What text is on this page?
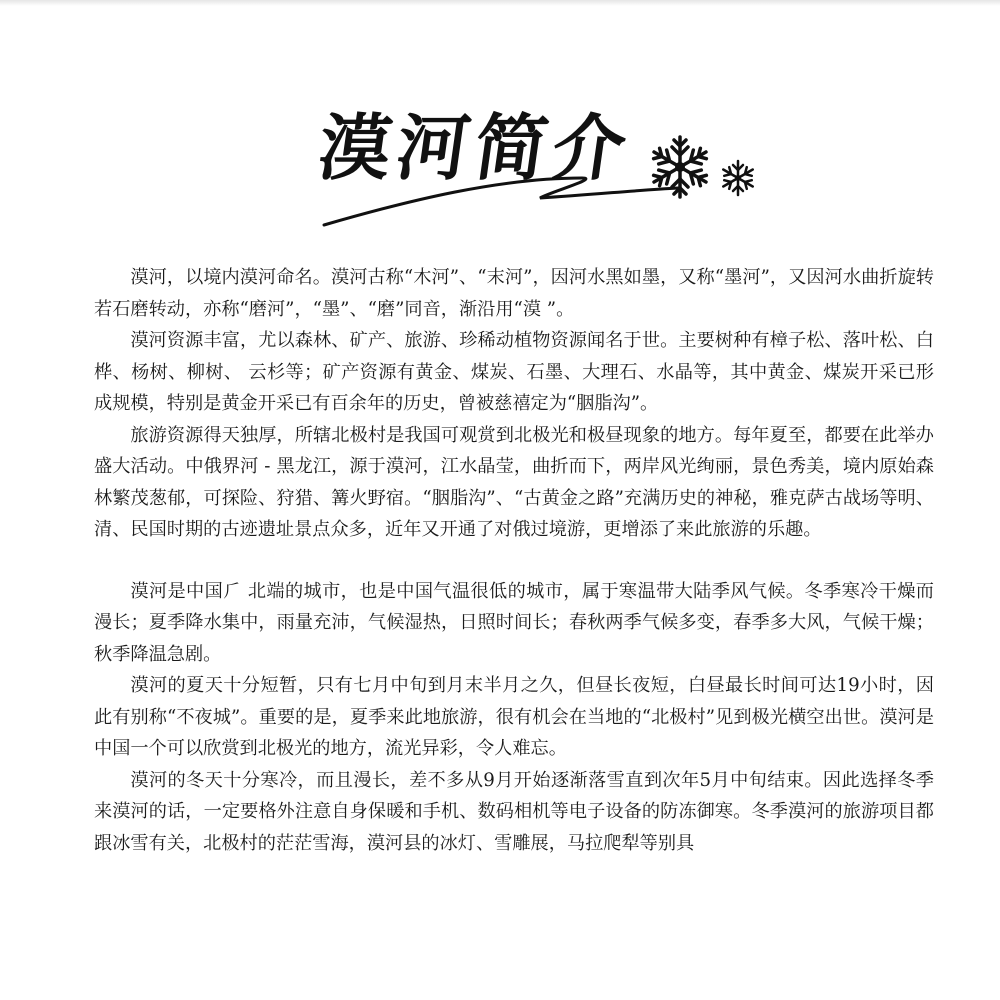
漠河简介

漠河，以境内漠河命名。漠河古称“木河”、“末河”，因河水黑如墨，又称“墨河”，又因河水曲折旋转若石磨转动，亦称“磨河”，“墨”、“磨”同音，渐沿用“漠 ”。

漠河资源丰富，尤以森林、矿产、旅游、珍稀动植物资源闻名于世。主要树种有樟子松、落叶松、白桦、杨树、柳树、 云杉等；矿产资源有黄金、煤炭、石墨、大理石、水晶等，其中黄金、煤炭开采已形成规模，特别是黄金开采已有百余年的历史，曾被慈禧定为“胭脂沟”。

旅游资源得天独厚，所辖北极村是我国可观赏到北极光和极昼现象的地方。每年夏至，都要在此举办盛大活动。中俄界河 - 黑龙江，源于漠河，江水晶莹，曲折而下，两岸风光绚丽，景色秀美，境内原始森林繁茂葱郁，可探险、狩猎、篝火野宿。“胭脂沟”、“古黄金之路”充满历史的神秘，雅克萨古战场等明、清、民国时期的古迹遗址景点众多，近年又开通了对俄过境游，更增添了来此旅游的乐趣。

漠河是中国⺁ 北端的城市，也是中国气温很低的城市，属于寒温带大陆季风气候。冬季寒冷干燥而漫长；夏季降水集中，雨量充沛，气候湿热，日照时间长；春秋两季气候多变，春季多大风，气候干燥；秋季降温急剧。

漠河的夏天十分短暂，只有七月中旬到月末半月之久，但昼长夜短，白昼最长时间可达19小时，因此有别称“不夜城”。重要的是，夏季来此地旅游，很有机会在当地的“北极村”见到极光横空出世。漠河是中国一个可以欣赏到北极光的地方，流光异彩，令人难忘。

漠河的冬天十分寒冷，而且漫长，差不多从9月开始逐渐落雪直到次年5月中旬结束。因此选择冬季来漠河的话，一定要格外注意自身保暖和手机、数码相机等电子设备的防冻御寒。冬季漠河的旅游项目都跟冰雪有关，北极村的茫茫雪海，漠河县的冰灯、雪雕展，马拉爬犁等别具
